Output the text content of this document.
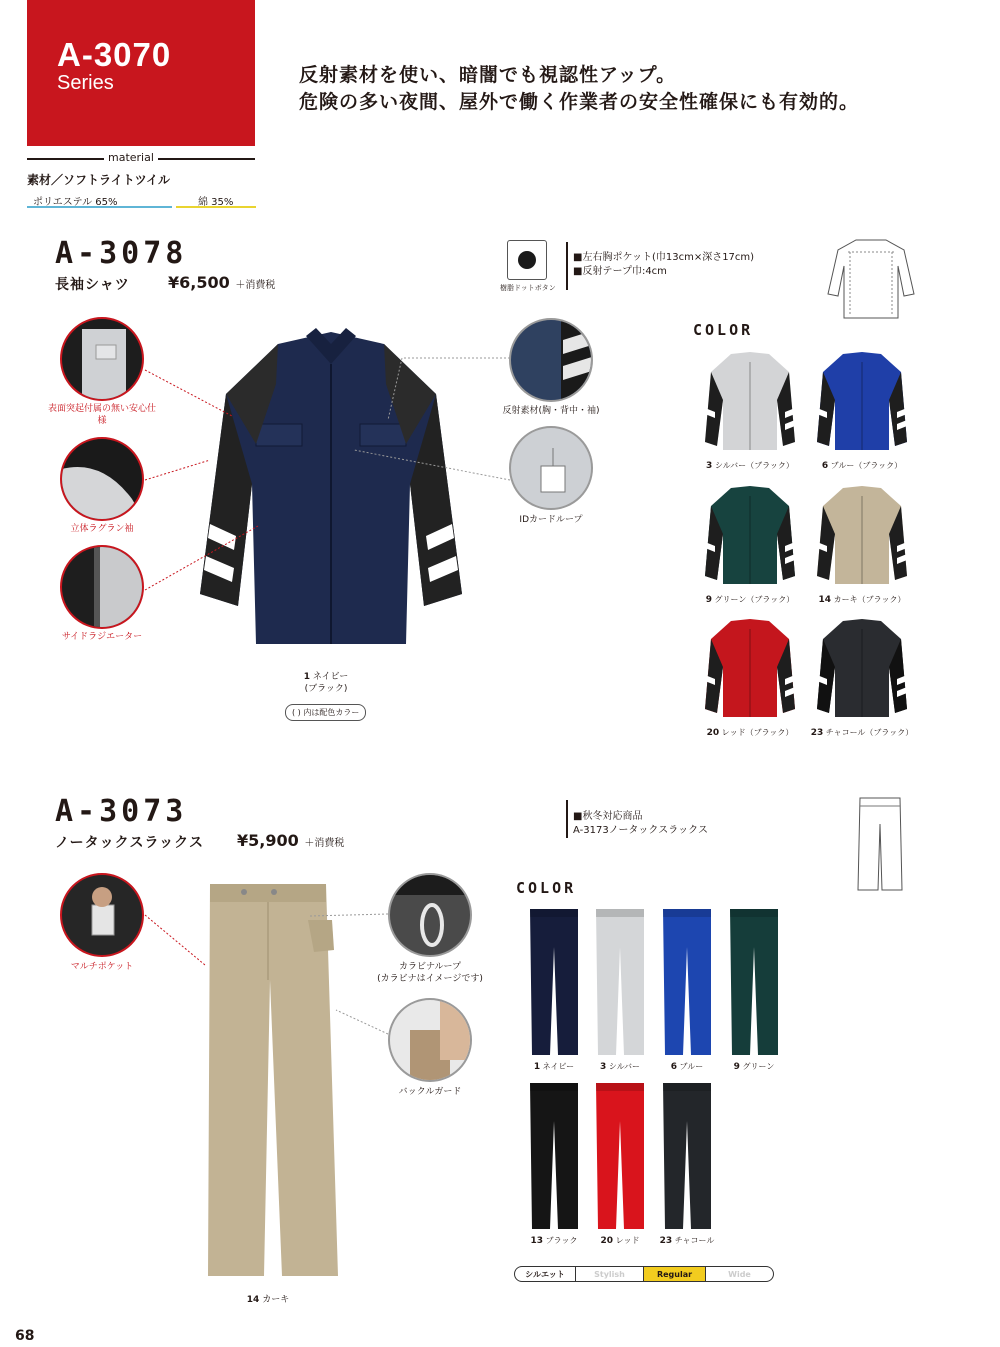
A-3070
Series	反射素材を使い、暗闇でも視認性アップ。
危険の多い夜間、屋外で働く作業者の安全性確保にも有効的。
material
素材／ソフトライトツイル
ポリエステル 65%	綿 35%
A-3078
長袖シャツ ¥6,500 ＋消費税	樹脂ドットボタン
■左右胸ポケット(巾13cm×深さ17cm)
■反射テープ巾:4cm
表面突起付属の無い安心仕様
立体ラグラン袖
サイドラジエーター
1 ネイビー
(ブラック)
( ) 内は配色カラー
反射素材(胸・背中・袖)
IDカードループ
COLOR
3 シルバー（ブラック）	6 ブルー（ブラック）
9 グリーン（ブラック）	14 カーキ（ブラック）
20 レッド（ブラック）	23 チャコール（ブラック）
A-3073
ノータックスラックス ¥5,900 ＋消費税
■秋冬対応商品
A-3173ノータックスラックス
マルチポケット	カラビナループ
(カラビナはイメージです)
バックルガード
14 カーキ
COLOR
1 ネイビー	3 シルバー	6 ブルー	9 グリーン
13 ブラック	20 レッド	23 チャコール
シルエット	Stylish	Regular	Wide
68
